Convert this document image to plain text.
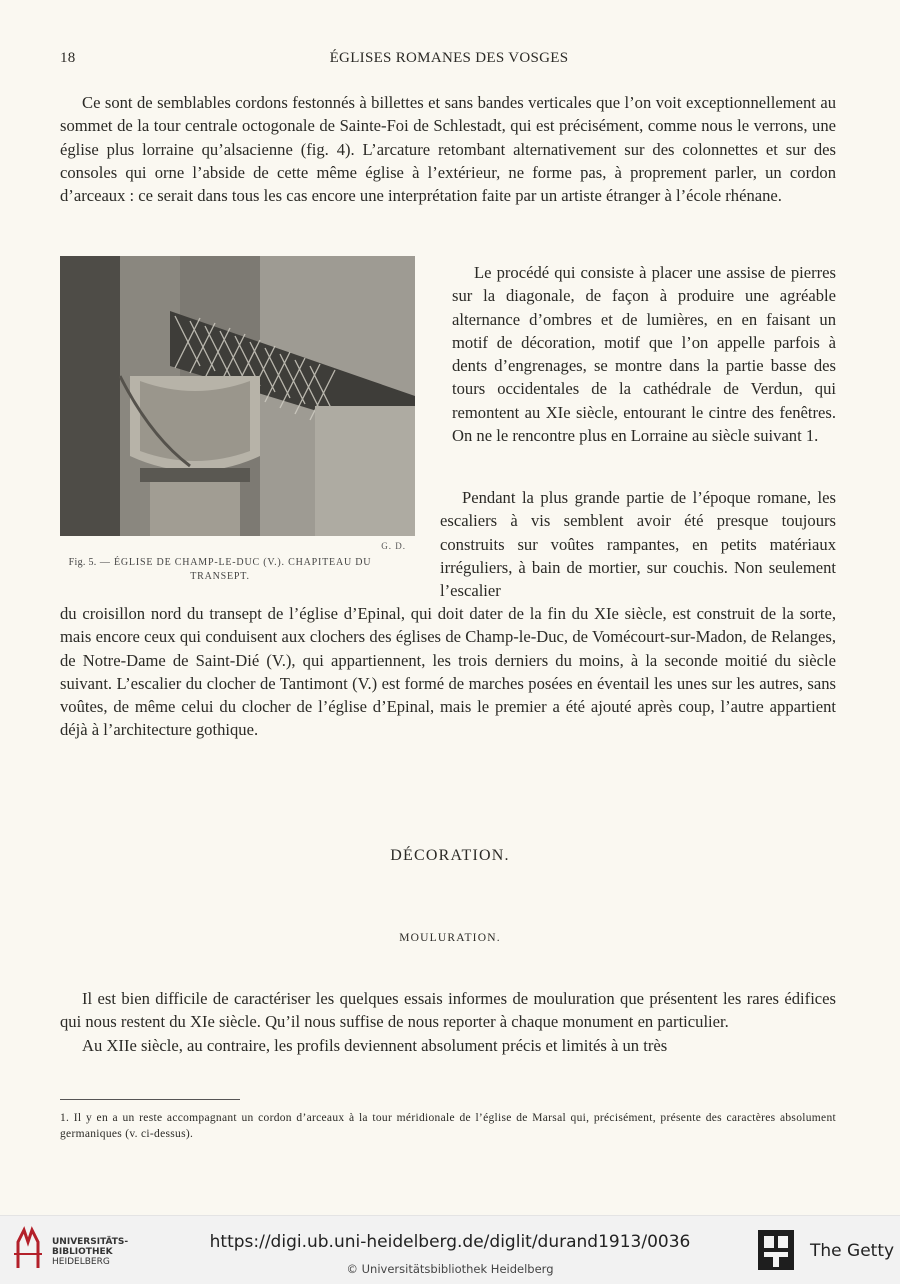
18	ÉGLISES ROMANES DES VOSGES

Ce sont de semblables cordons festonnés à billettes et sans bandes verticales que l’on voit exceptionnellement au sommet de la tour centrale octogonale de Sainte-Foi de Schlestadt, qui est précisément, comme nous le verrons, une église plus lorraine qu’alsacienne (fig. 4). L’arcature retombant alternativement sur des colonnettes et sur des consoles qui orne l’abside de cette même église à l’extérieur, ne forme pas, à proprement parler, un cordon d’arceaux : ce serait dans tous les cas encore une interprétation faite par un artiste étranger à l’école rhénane.

G. D.
Fig. 5. — ÉGLISE DE CHAMP-LE-DUC (V.). CHAPITEAU DU TRANSEPT.

Le procédé qui consiste à placer une assise de pierres sur la diagonale, de façon à produire une agréable alternance d’ombres et de lumières, en en faisant un motif de décoration, motif que l’on appelle parfois à dents d’engrenages, se montre dans la partie basse des tours occidentales de la cathédrale de Verdun, qui remontent au XIe siècle, entourant le cintre des fenêtres. On ne le rencontre plus en Lorraine au siècle suivant 1.

Pendant la plus grande partie de l’époque romane, les escaliers à vis semblent avoir été presque toujours construits sur voûtes rampantes, en petits matériaux irréguliers, à bain de mortier, sur couchis. Non seulement l’escalier

du croisillon nord du transept de l’église d’Epinal, qui doit dater de la fin du XIe siècle, est construit de la sorte, mais encore ceux qui conduisent aux clochers des églises de Champ-le-Duc, de Vomécourt-sur-Madon, de Relanges, de Notre-Dame de Saint-Dié (V.), qui appartiennent, les trois derniers du moins, à la seconde moitié du siècle suivant. L’escalier du clocher de Tantimont (V.) est formé de marches posées en éventail les unes sur les autres, sans voûtes, de même celui du clocher de l’église d’Epinal, mais le premier a été ajouté après coup, l’autre appartient déjà à l’architecture gothique.

DÉCORATION.
MOULURATION.

Il est bien difficile de caractériser les quelques essais informes de mouluration que présentent les rares édifices qui nous restent du XIe siècle. Qu’il nous suffise de nous reporter à chaque monument en particulier.

Au XIIe siècle, au contraire, les profils deviennent absolument précis et limités à un très

1. Il y en a un reste accompagnant un cordon d’arceaux à la tour méridionale de l’église de Marsal qui, précisément, présente des caractères absolument germaniques (v. ci-dessus).

UNIVERSITÄTS-
BIBLIOTHEK
HEIDELBERG
https://digi.ub.uni-heidelberg.de/diglit/durand1913/0036
© Universitätsbibliothek Heidelberg
The Getty
